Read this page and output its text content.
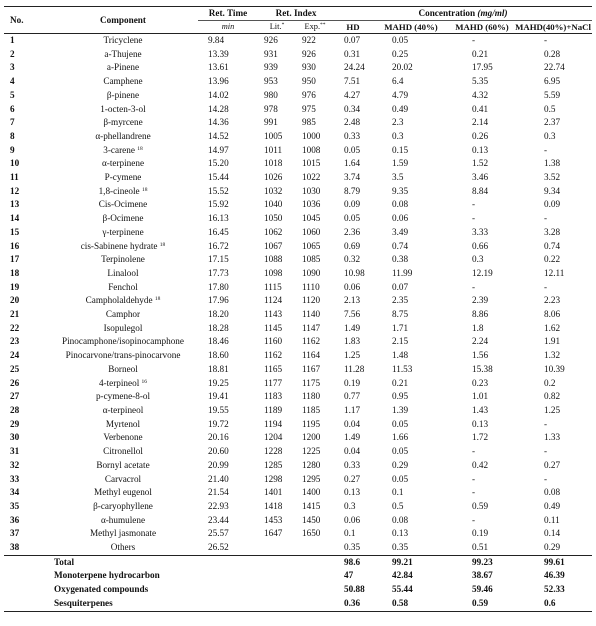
No.	Component	Ret. Time	Ret. Index		Concentration (mg/ml)			
		min	Lit.*	Exp.**	HD	MAHD (40%)	MAHD (60%)	MAHD(40%)+NaCl
1	Tricyclene	9.84	926	922	0.07	0.05	-	-
2	a-Thujene	13.39	931	926	0.31	0.25	0.21	0.28
3	a-Pinene	13.61	939	930	24.24	20.02	17.95	22.74
4	Camphene	13.96	953	950	7.51	6.4	5.35	6.95
5	β-pinene	14.02	980	976	4.27	4.79	4.32	5.59
6	1-octen-3-ol	14.28	978	975	0.34	0.49	0.41	0.5
7	β-myrcene	14.36	991	985	2.48	2.3	2.14	2.37
8	α-phellandrene	14.52	1005	1000	0.33	0.3	0.26	0.3
9	3-carene $^{18}$	14.97	1011	1008	0.05	0.15	0.13	-
10	α-terpinene	15.20	1018	1015	1.64	1.59	1.52	1.38
11	P-cymene	15.44	1026	1022	3.74	3.5	3.46	3.52
12	1,8-cineole $^{18}$	15.52	1032	1030	8.79	9.35	8.84	9.34
13	Cis-Ocimene	15.92	1040	1036	0.09	0.08	-	0.09
14	β-Ocimene	16.13	1050	1045	0.05	0.06	-	-
15	γ-terpinene	16.45	1062	1060	2.36	3.49	3.33	3.28
16	cis-Sabinene hydrate $^{18}$	16.72	1067	1065	0.69	0.74	0.66	0.74
17	Terpinolene	17.15	1088	1085	0.32	0.38	0.3	0.22
18	Linalool	17.73	1098	1090	10.98	11.99	12.19	12.11
19	Fenchol	17.80	1115	1110	0.06	0.07	-	-
20	Campholaldehyde $^{18}$	17.96	1124	1120	2.13	2.35	2.39	2.23
21	Camphor	18.20	1143	1140	7.56	8.75	8.86	8.06
22	Isopulegol	18.28	1145	1147	1.49	1.71	1.8	1.62
23	Pinocamphone/isopinocamphone	18.46	1160	1162	1.83	2.15	2.24	1.91
24	Pinocarvone/trans-pinocarvone	18.60	1162	1164	1.25	1.48	1.56	1.32
25	Borneol	18.81	1165	1167	11.28	11.53	15.38	10.39
26	4-terpineol $^{16}$	19.25	1177	1175	0.19	0.21	0.23	0.2
27	p-cymene-8-ol	19.41	1183	1180	0.77	0.95	1.01	0.82
28	α-terpineol	19.55	1189	1185	1.17	1.39	1.43	1.25
29	Myrtenol	19.72	1194	1195	0.04	0.05	0.13	-
30	Verbenone	20.16	1204	1200	1.49	1.66	1.72	1.33
31	Citronellol	20.60	1228	1225	0.04	0.05	-	-
32	Bornyl acetate	20.99	1285	1280	0.33	0.29	0.42	0.27
33	Carvacrol	21.40	1298	1295	0.27	0.05	-	-
34	Methyl eugenol	21.54	1401	1400	0.13	0.1	-	0.08
35	β-caryophyllene	22.93	1418	1415	0.3	0.5	0.59	0.49
36	α-humulene	23.44	1453	1450	0.06	0.08	-	0.11
37	Methyl jasmonate	25.57	1647	1650	0.1	0.13	0.19	0.14
38	Others	26.52			0.35	0.35	0.51	0.29
	Total				98.6	99.21	99.23	99.61
	Monoterpene hydrocarbon				47	42.84	38.67	46.39
	Oxygenated compounds				50.88	55.44	59.46	52.33
	Sesquiterpenes				0.36	0.58	0.59	0.6
